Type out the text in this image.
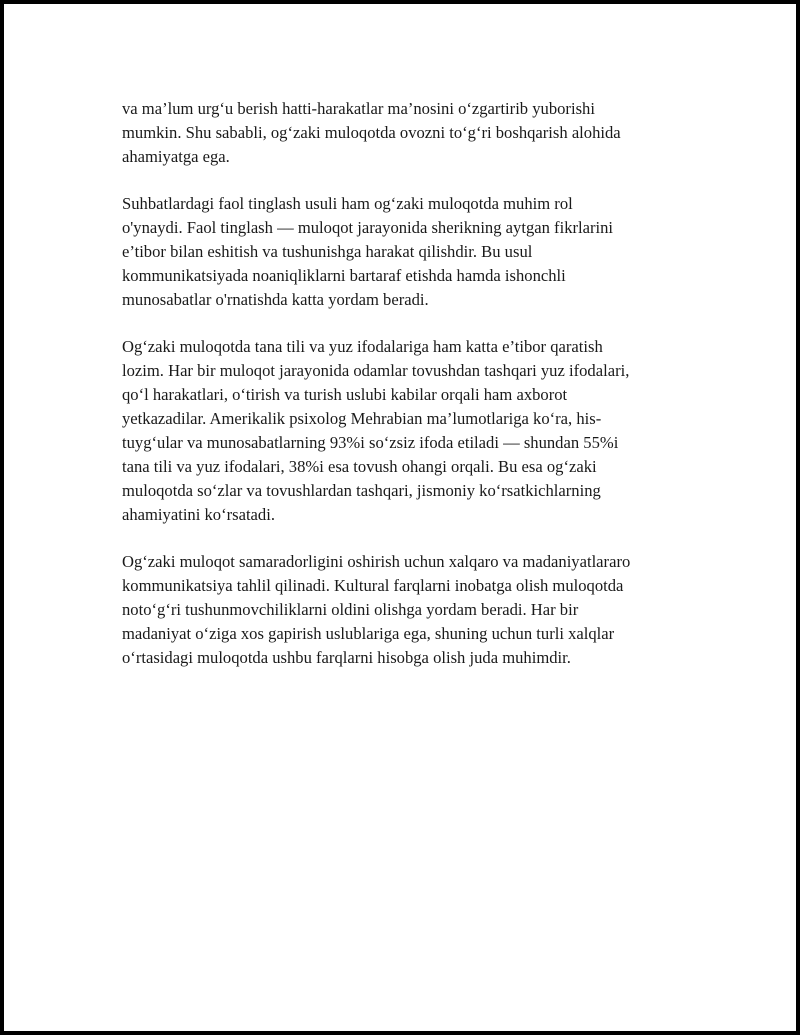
va ma’lum urg‘u berish hatti-harakatlar ma’nosini o‘zgartirib yuborishi
mumkin. Shu sababli, og‘zaki muloqotda ovozni to‘g‘ri boshqarish alohida
ahamiyatga ega.

Suhbatlardagi faol tinglash usuli ham og‘zaki muloqotda muhim rol
o'ynaydi. Faol tinglash — muloqot jarayonida sherikning aytgan fikrlarini
e’tibor bilan eshitish va tushunishga harakat qilishdir. Bu usul
kommunikatsiyada noaniqliklarni bartaraf etishda hamda ishonchli
munosabatlar o'rnatishda katta yordam beradi.

Og‘zaki muloqotda tana tili va yuz ifodalariga ham katta e’tibor qaratish
lozim. Har bir muloqot jarayonida odamlar tovushdan tashqari yuz ifodalari,
qo‘l harakatlari, o‘tirish va turish uslubi kabilar orqali ham axborot
yetkazadilar. Amerikalik psixolog Mehrabian ma’lumotlariga ko‘ra, his-
tuyg‘ular va munosabatlarning 93%i so‘zsiz ifoda etiladi — shundan 55%i
tana tili va yuz ifodalari, 38%i esa tovush ohangi orqali. Bu esa og‘zaki
muloqotda so‘zlar va tovushlardan tashqari, jismoniy ko‘rsatkichlarning
ahamiyatini ko‘rsatadi.

Og‘zaki muloqot samaradorligini oshirish uchun xalqaro va madaniyatlararo
kommunikatsiya tahlil qilinadi. Kultural farqlarni inobatga olish muloqotda
noto‘g‘ri tushunmovchiliklarni oldini olishga yordam beradi. Har bir
madaniyat o‘ziga xos gapirish uslublariga ega, shuning uchun turli xalqlar
o‘rtasidagi muloqotda ushbu farqlarni hisobga olish juda muhimdir.
